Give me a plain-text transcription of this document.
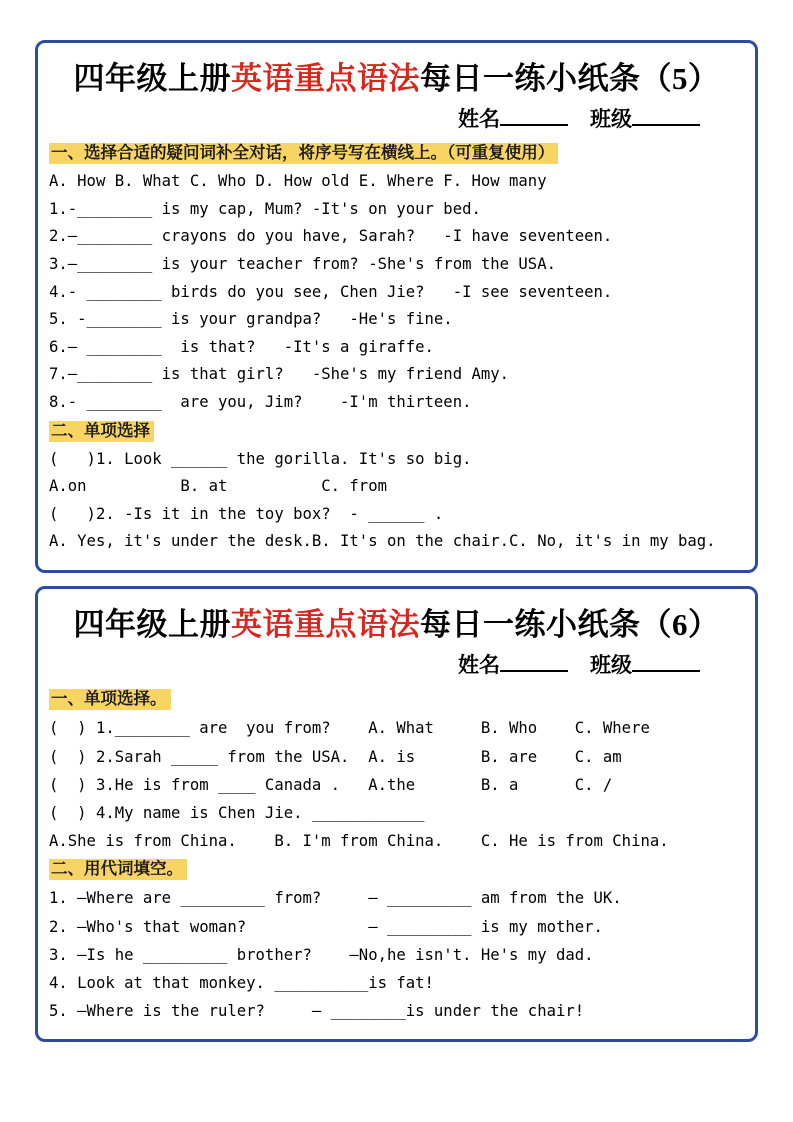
四年级上册英语重点语法每日一练小纸条（5）
姓名	班级
一、选择合适的疑问词补全对话，将序号写在横线上。（可重复使用）
A. How B. What C. Who D. How old E. Where F. How many
1.-________ is my cap, Mum? -It's on your bed.
2.—________ crayons do you have, Sarah?   -I have seventeen.
3.—________ is your teacher from? -She's from the USA.
4.- ________ birds do you see, Chen Jie?   -I see seventeen.
5. -________ is your grandpa?   -He's fine.
6.— ________  is that?   -It's a giraffe.
7.—________ is that girl?   -She's my friend Amy.
8.- ________  are you, Jim?    -I'm thirteen.
二、单项选择
(   )1. Look ______ the gorilla. It's so big.
A.on          B. at          C. from
(   )2. -Is it in the toy box?  - ______ .
A. Yes, it's under the desk.B. It's on the chair.C. No, it's in my bag.
四年级上册英语重点语法每日一练小纸条（6）
姓名	班级
一、单项选择。
(  ) 1.________ are  you from?    A. What     B. Who    C. Where
(  ) 2.Sarah _____ from the USA.  A. is       B. are    C. am
(  ) 3.He is from ____ Canada .   A.the       B. a      C. /
(  ) 4.My name is Chen Jie. ____________
A.She is from China.    B. I'm from China.    C. He is from China.
二、用代词填空。
1. —Where are _________ from?     — _________ am from the UK.
2. —Who's that woman?             — _________ is my mother.
3. —Is he _________ brother?    —No,he isn't. He's my dad.
4. Look at that monkey. __________is fat!
5. —Where is the ruler?     — ________is under the chair!
